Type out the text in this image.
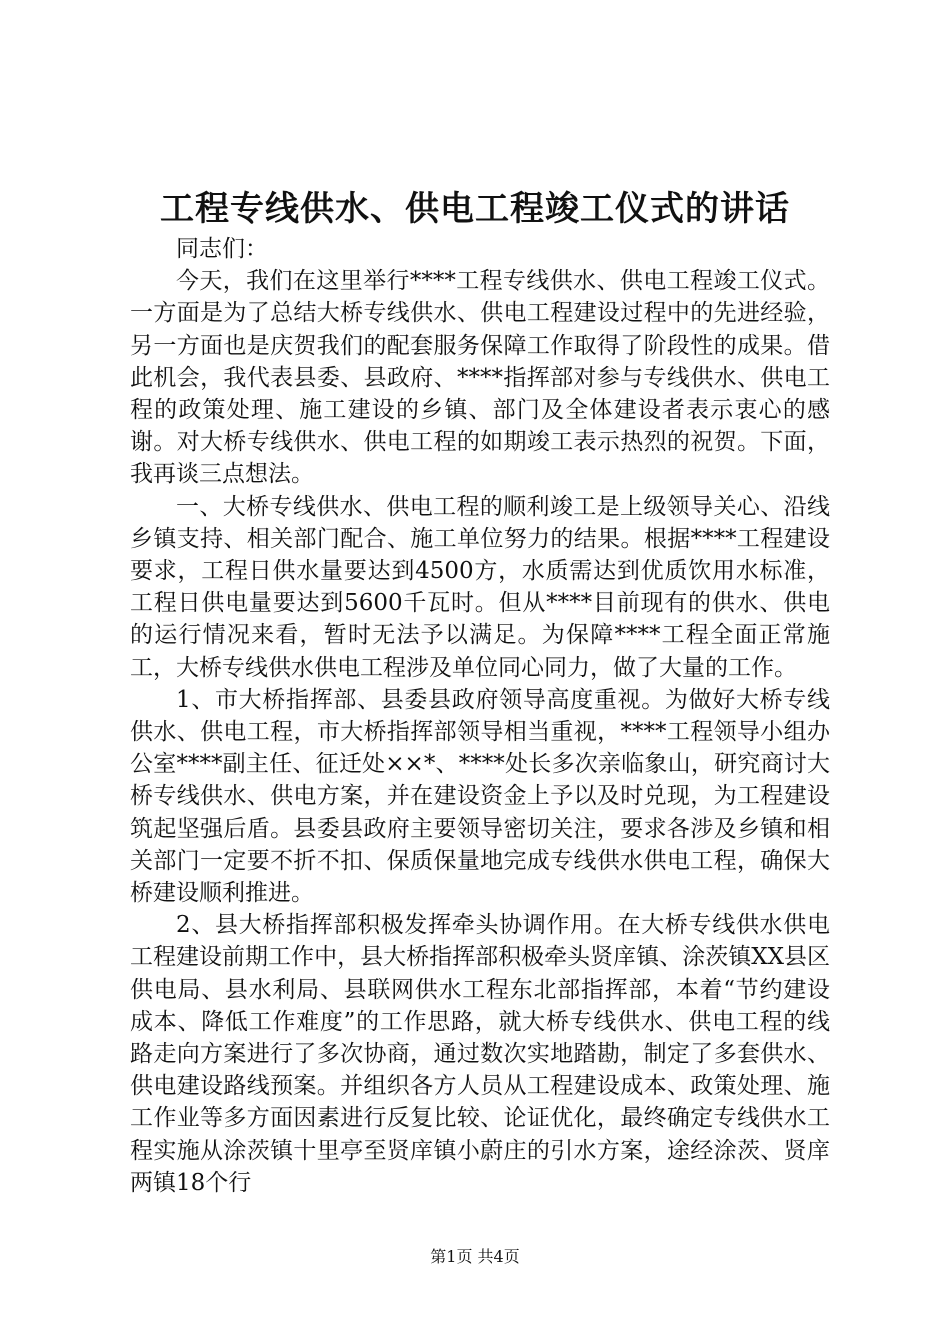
工程专线供水、供电工程竣工仪式的讲话

同志们：

今天，我们在这里举行****工程专线供水、供电工程竣工仪式。一方面是为了总结大桥专线供水、供电工程建设过程中的先进经验，另一方面也是庆贺我们的配套服务保障工作取得了阶段性的成果。借此机会，我代表县委、县政府、****指挥部对参与专线供水、供电工程的政策处理、施工建设的乡镇、部门及全体建设者表示衷心的感谢。对大桥专线供水、供电工程的如期竣工表示热烈的祝贺。下面，我再谈三点想法。

一、大桥专线供水、供电工程的顺利竣工是上级领导关心、沿线乡镇支持、相关部门配合、施工单位努力的结果。根据****工程建设要求，工程日供水量要达到4500方，水质需达到优质饮用水标准，工程日供电量要达到5600千瓦时。但从****目前现有的供水、供电的运行情况来看，暂时无法予以满足。为保障****工程全面正常施工，大桥专线供水供电工程涉及单位同心同力，做了大量的工作。

1、市大桥指挥部、县委县政府领导高度重视。为做好大桥专线供水、供电工程，市大桥指挥部领导相当重视，****工程领导小组办公室****副主任、征迁处××*、****处长多次亲临象山，研究商讨大桥专线供水、供电方案，并在建设资金上予以及时兑现，为工程建设筑起坚强后盾。县委县政府主要领导密切关注，要求各涉及乡镇和相关部门一定要不折不扣、保质保量地完成专线供水供电工程，确保大桥建设顺利推进。

2、县大桥指挥部积极发挥牵头协调作用。在大桥专线供水供电工程建设前期工作中，县大桥指挥部积极牵头贤庠镇、涂茨镇XX县区供电局、县水利局、县联网供水工程东北部指挥部，本着“节约建设成本、降低工作难度”的工作思路，就大桥专线供水、供电工程的线路走向方案进行了多次协商，通过数次实地踏勘，制定了多套供水、供电建设路线预案。并组织各方人员从工程建设成本、政策处理、施工作业等多方面因素进行反复比较、论证优化，最终确定专线供水工程实施从涂茨镇十里亭至贤庠镇小蔚庄的引水方案，途经涂茨、贤庠两镇18个行

第1页 共4页
